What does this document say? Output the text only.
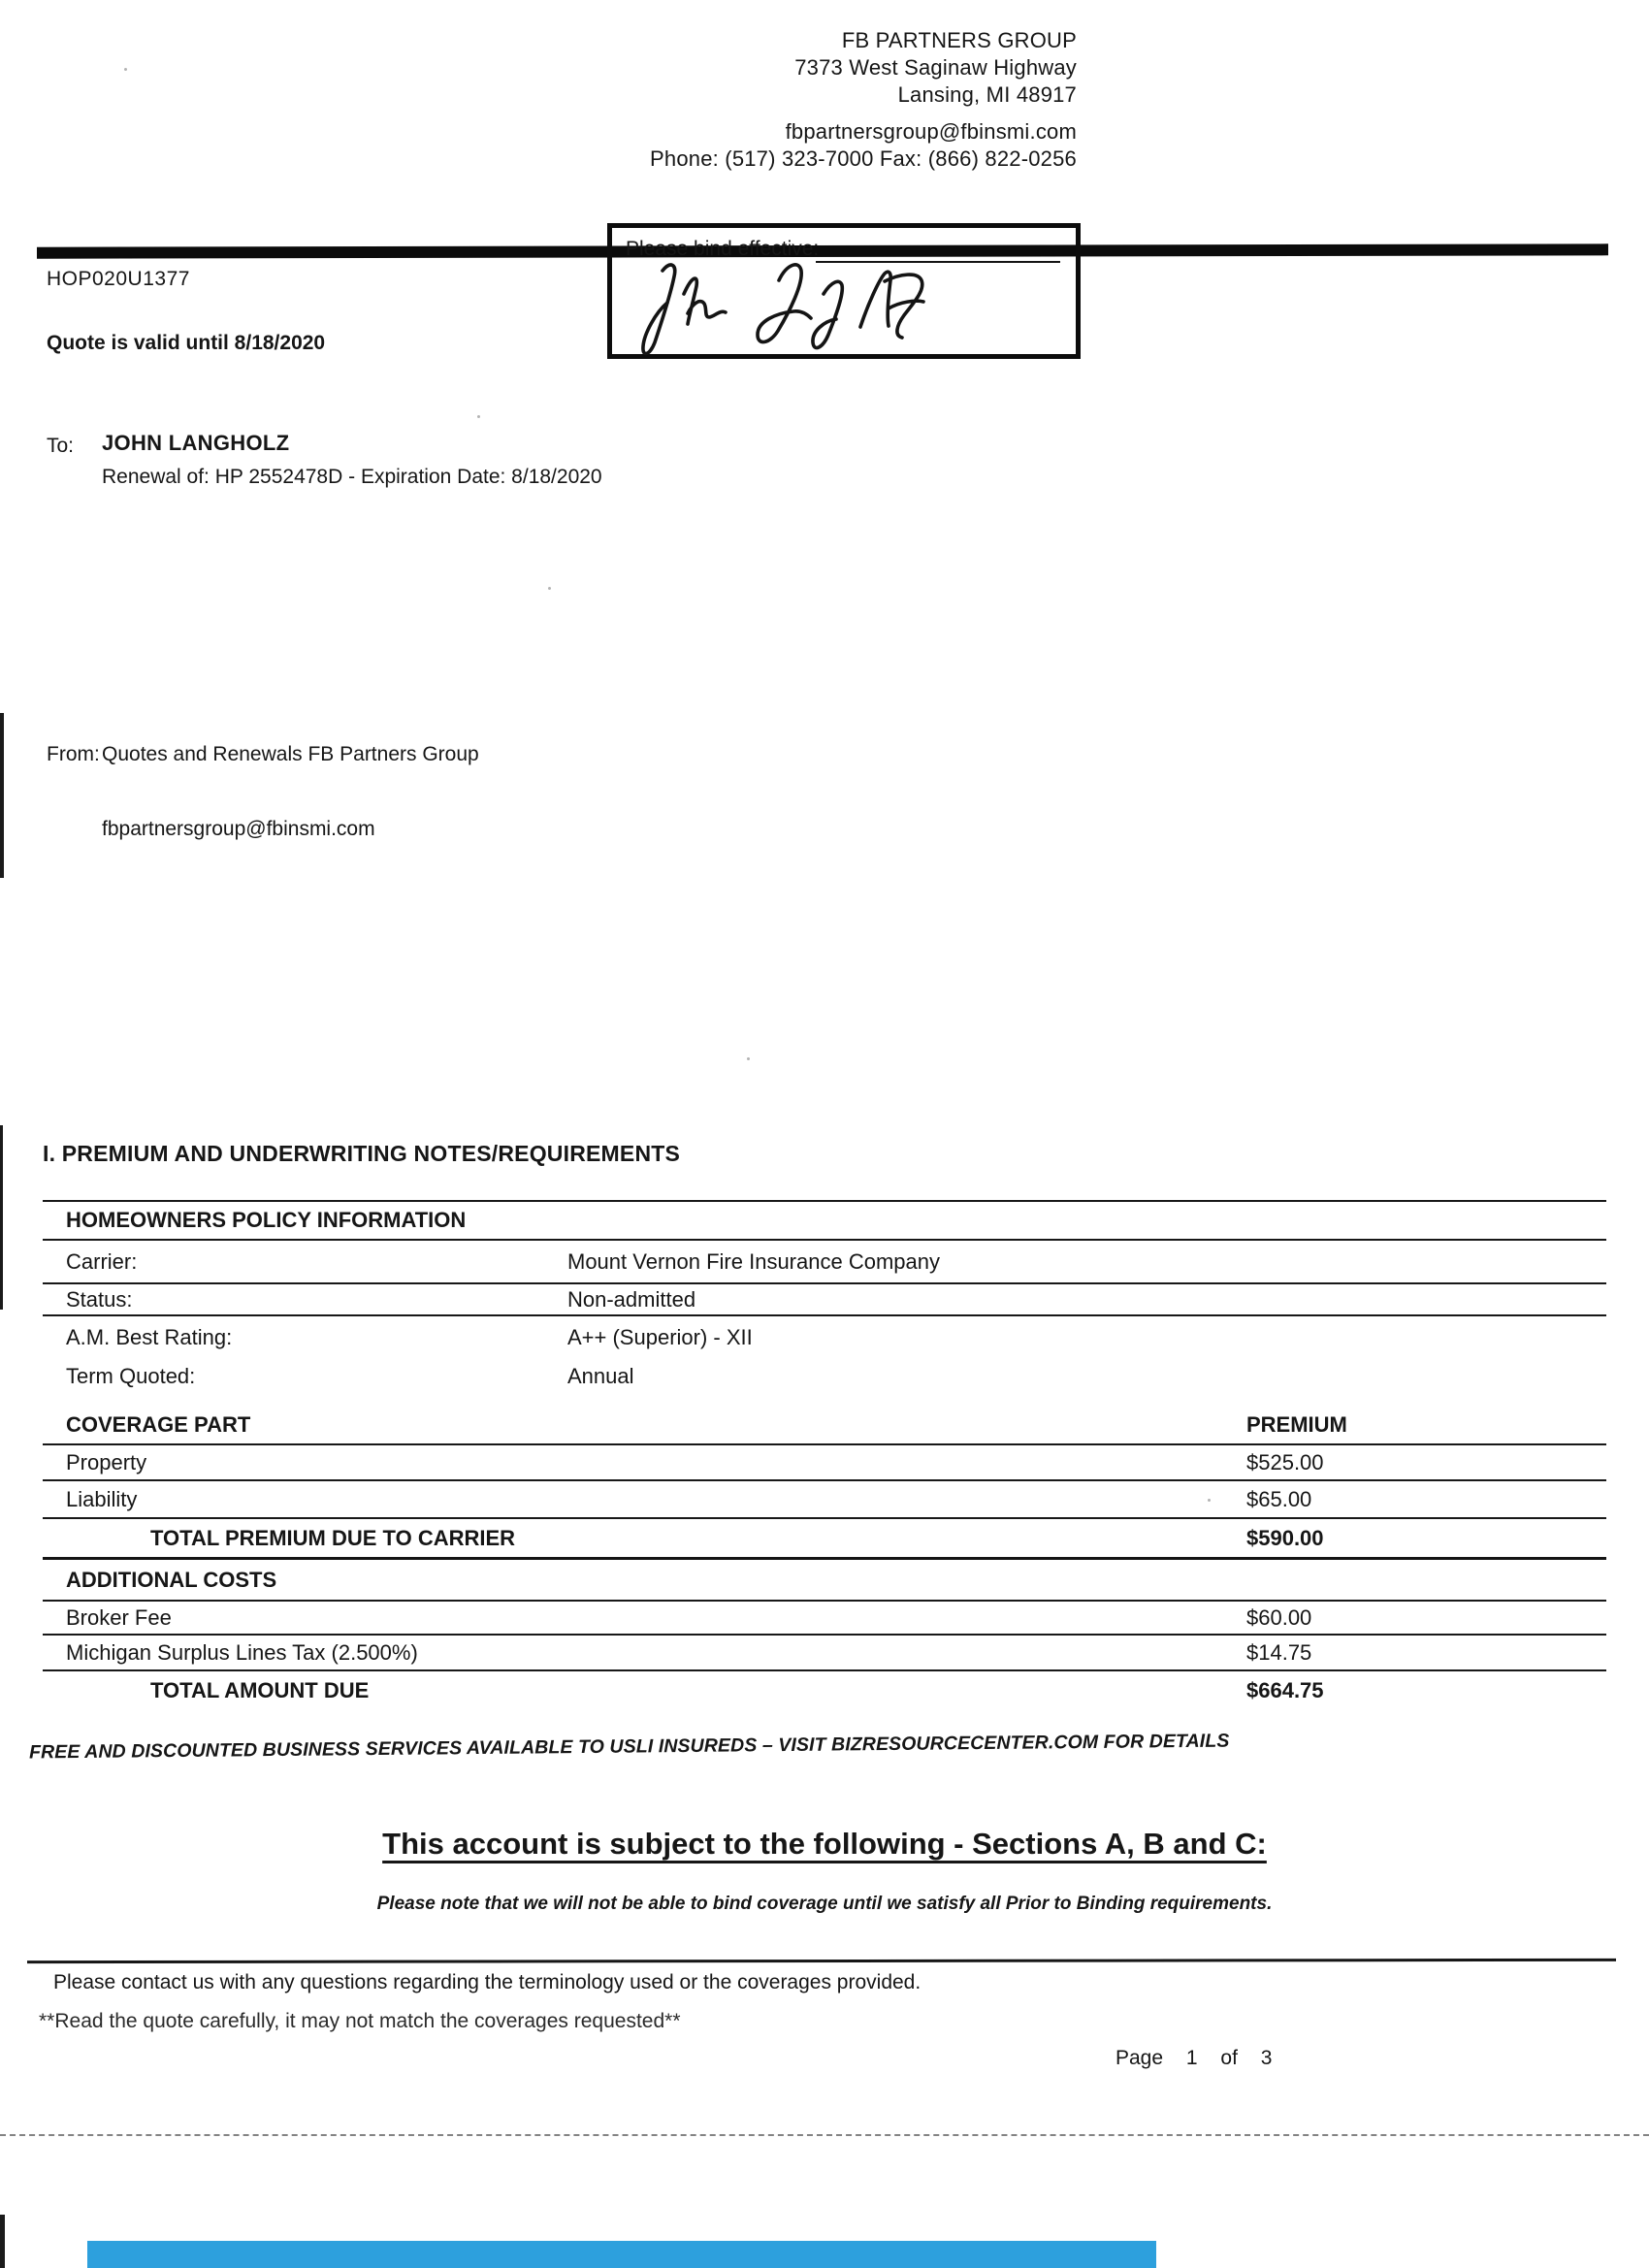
FB PARTNERS GROUP
7373 West Saginaw Highway
Lansing, MI 48917
fbpartnersgroup@fbinsmi.com
Phone: (517) 323-7000 Fax: (866) 822-0256
HOP020U1377
Quote is valid until 8/18/2020
Please bind effective:
To: JOHN LANGHOLZ
Renewal of: HP 2552478D - Expiration Date: 8/18/2020
From: Quotes and Renewals FB Partners Group
fbpartnersgroup@fbinsmi.com
I. PREMIUM AND UNDERWRITING NOTES/REQUIREMENTS
HOMEOWNERS POLICY INFORMATION
Carrier:	Mount Vernon Fire Insurance Company
Status:	Non-admitted
A.M. Best Rating:	A++ (Superior) - XII
Term Quoted:	Annual
COVERAGE PART	PREMIUM
Property	$525.00
Liability	$65.00
TOTAL PREMIUM DUE TO CARRIER	$590.00
ADDITIONAL COSTS
Broker Fee	$60.00
Michigan Surplus Lines Tax (2.500%)	$14.75
TOTAL AMOUNT DUE	$664.75
FREE AND DISCOUNTED BUSINESS SERVICES AVAILABLE TO USLI INSUREDS – VISIT BIZRESOURCECENTER.COM FOR DETAILS
This account is subject to the following - Sections A, B and C:
Please note that we will not be able to bind coverage until we satisfy all Prior to Binding requirements.
Please contact us with any questions regarding the terminology used or the coverages provided.
**Read the quote carefully, it may not match the coverages requested**
Page 1 of 3
